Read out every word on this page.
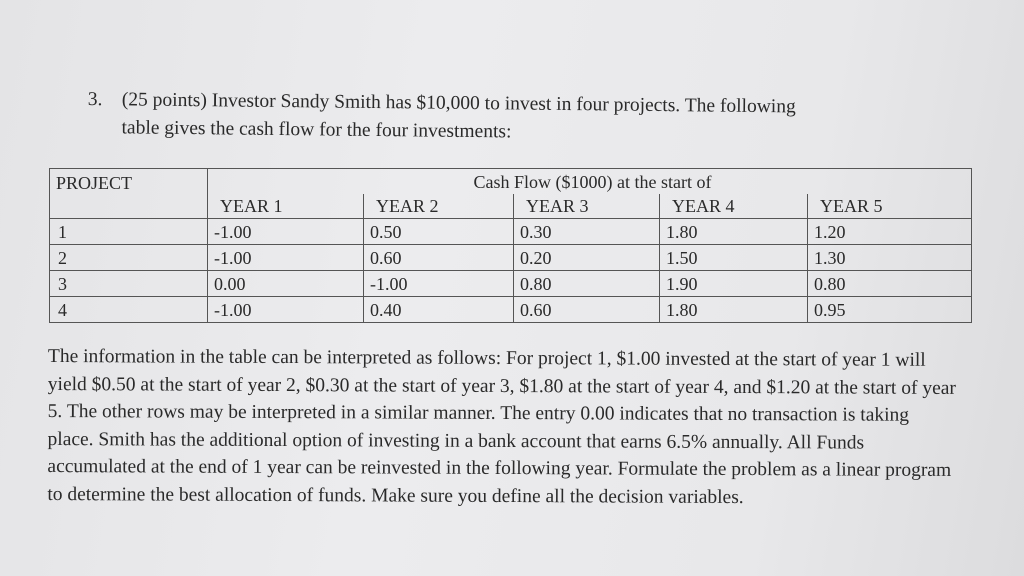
3. (25 points) Investor Sandy Smith has $10,000 to invest in four projects. The following
table gives the cash flow for the four investments:
PROJECT	Cash Flow ($1000) at the start of				
	YEAR 1	YEAR 2	YEAR 3	YEAR 4	YEAR 5
1	-1.00	0.50	0.30	1.80	1.20
2	-1.00	0.60	0.20	1.50	1.30
3	0.00	-1.00	0.80	1.90	0.80
4	-1.00	0.40	0.60	1.80	0.95

The information in the table can be interpreted as follows: For project 1, $1.00 invested at the start of year 1 will yield $0.50 at the start of year 2, $0.30 at the start of year 3, $1.80 at the start of year 4, and $1.20 at the start of year 5. The other rows may be interpreted in a similar manner. The entry 0.00 indicates that no transaction is taking place. Smith has the additional option of investing in a bank account that earns 6.5% annually. All Funds accumulated at the end of 1 year can be reinvested in the following year. Formulate the problem as a linear program to determine the best allocation of funds. Make sure you define all the decision variables.
